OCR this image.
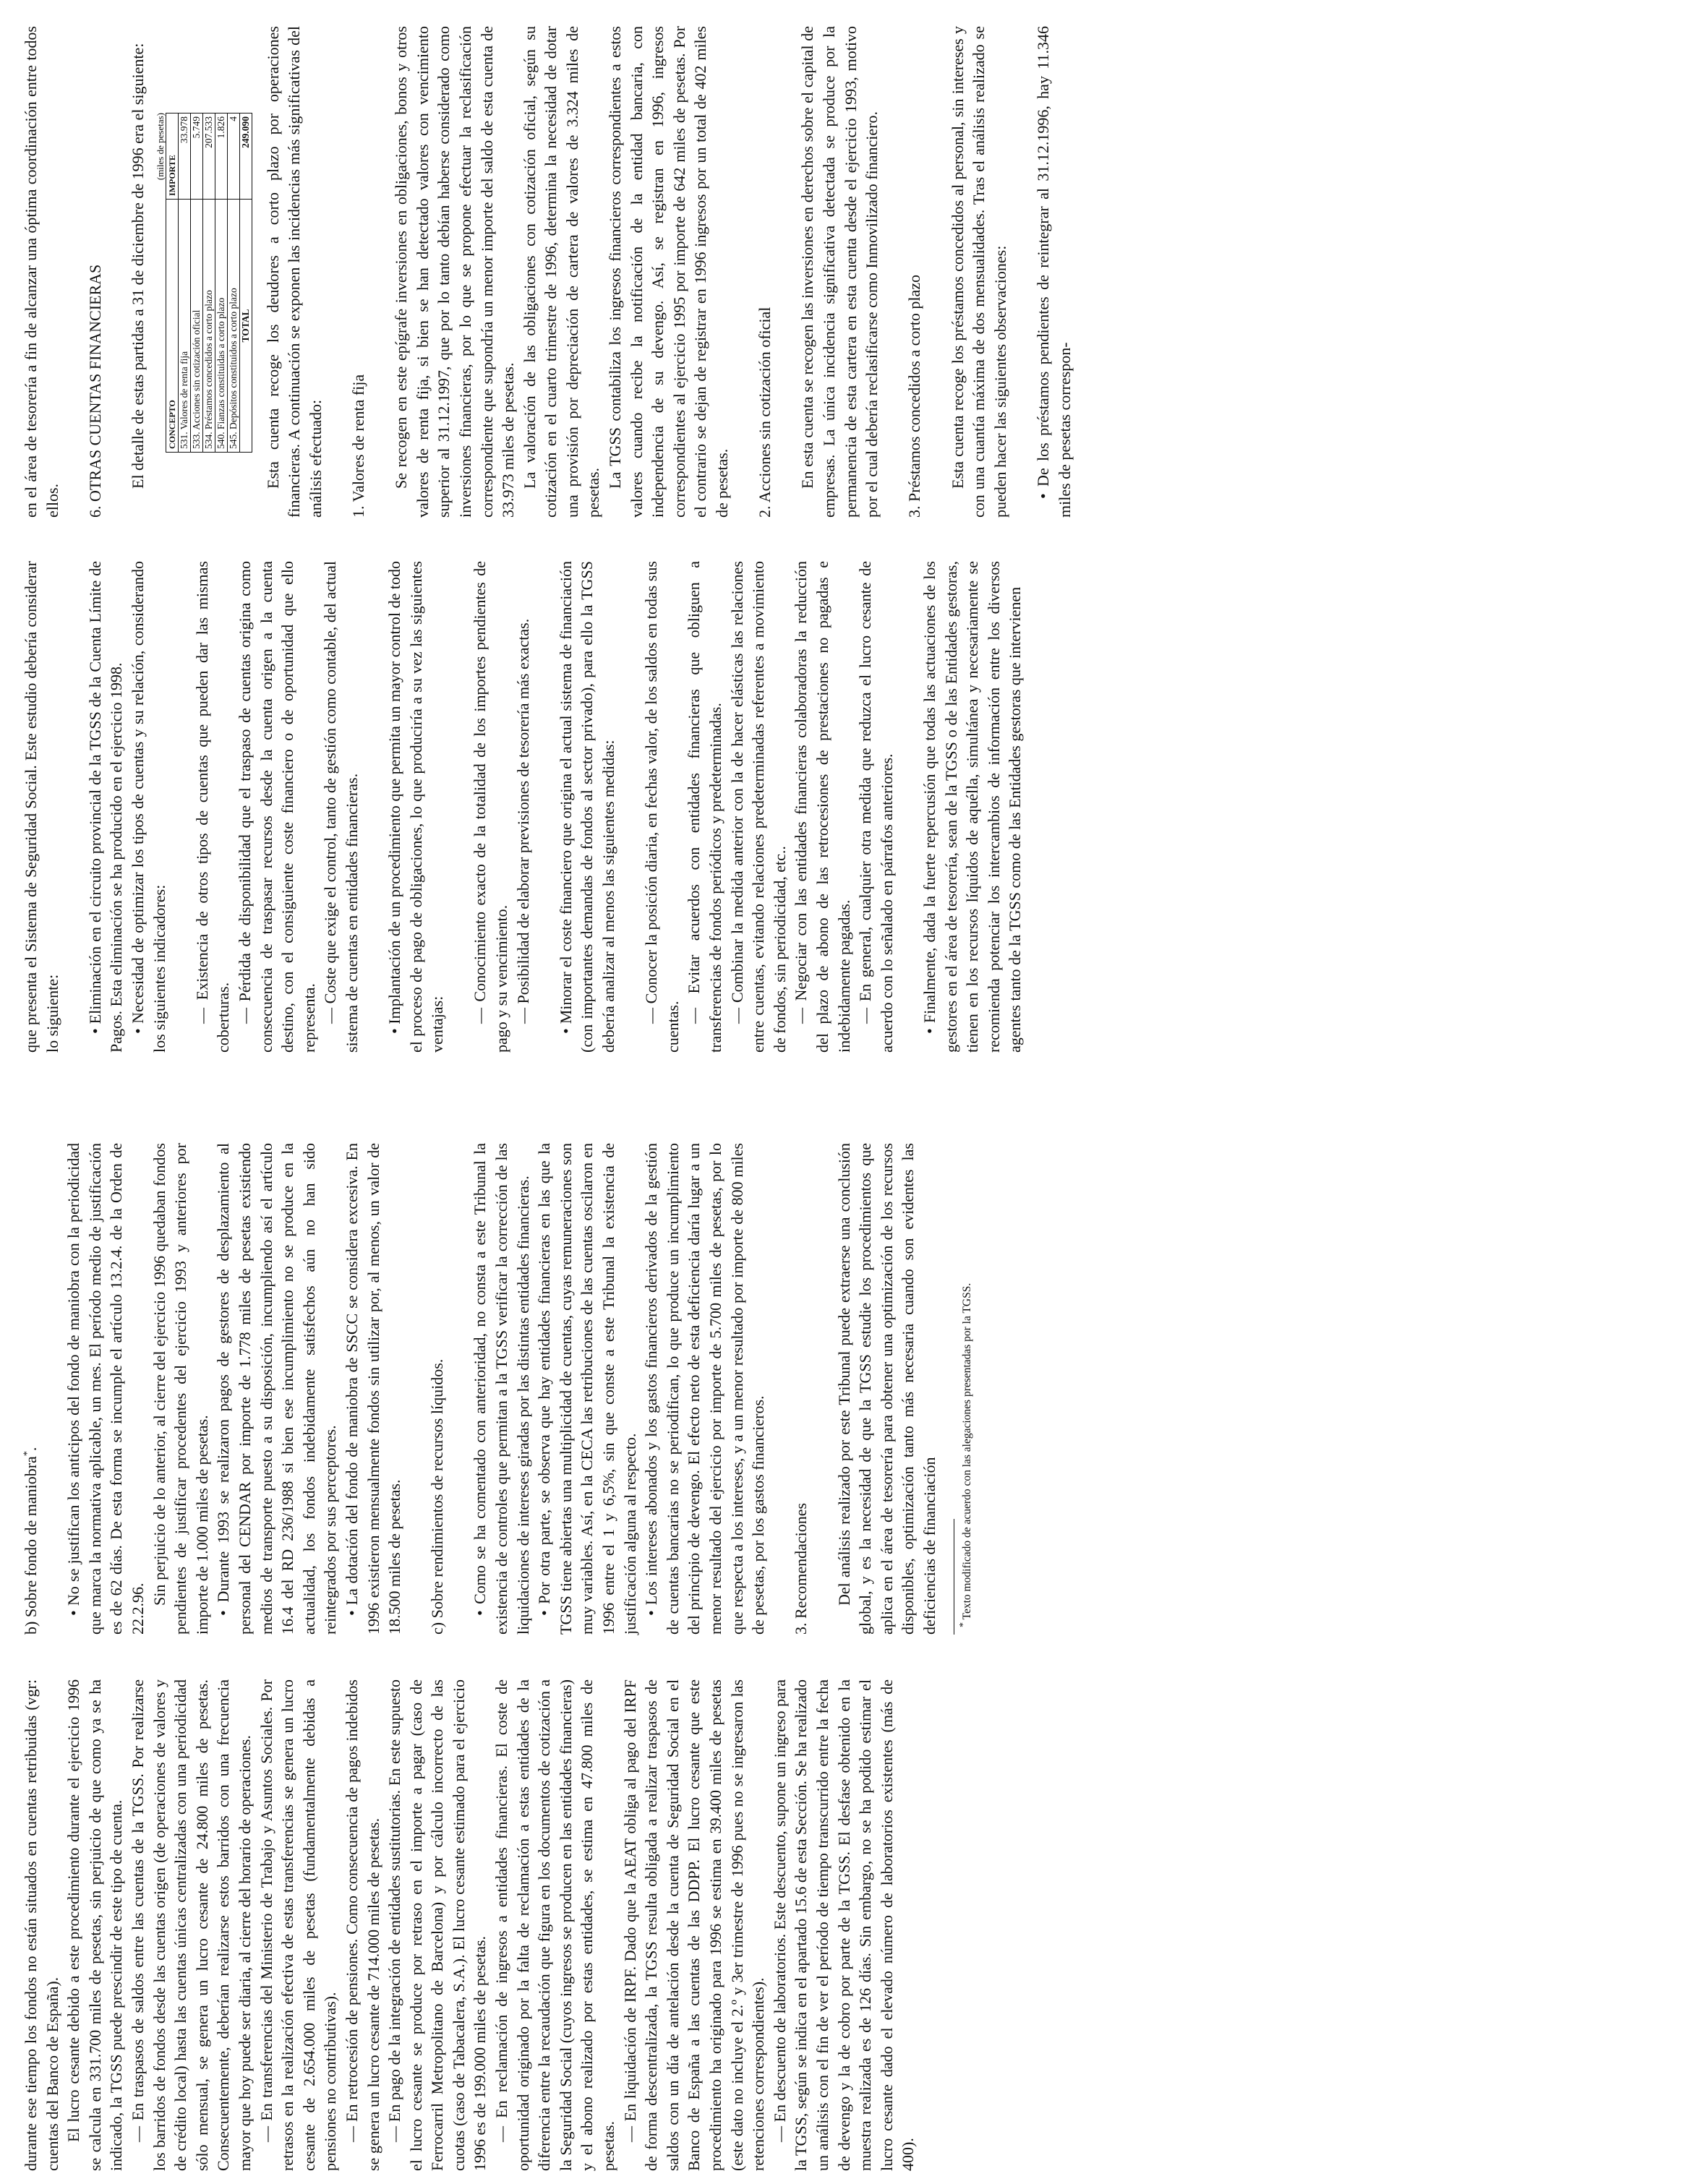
durante ese tiempo los fondos no están situados en cuentas retribuidas (vgr: cuentas del Banco de España). El lucro cesante debido a este procedimiento durante el ejercicio 1996 se calcula en 331.700 miles de pesetas, sin perjuicio de que como ya se ha indicado, la TGSS puede prescindir de este tipo de cuenta. — En traspasos de saldos entre las cuentas de la TGSS. Por realizarse los barridos de fondos desde las cuentas origen (de operaciones de valores y de crédito local) hasta las cuentas únicas centralizadas con una periodicidad sólo mensual, se genera un lucro cesante de 24.800 miles de pesetas. Consecuentemente, deberían realizarse estos barridos con una frecuencia mayor que hoy puede ser diaria, al cierre del horario de operaciones. — En transferencias del Ministerio de Trabajo y Asuntos Sociales. Por retrasos en la realización efectiva de estas transferencias se genera un lucro cesante de 2.654.000 miles de pesetas (fundamentalmente debidas a pensiones no contributivas). — En retrocesión de pensiones. Como consecuencia de pagos indebidos se genera un lucro cesante de 714.000 miles de pesetas. — En pago de la integración de entidades sustitutorias. En este supuesto el lucro cesante se produce por retraso en el importe a pagar (caso de Ferrocarril Metropolitano de Barcelona) y por cálculo incorrecto de las cuotas (caso de Tabacalera, S.A.). El lucro cesante estimado para el ejercicio 1996 es de 199.000 miles de pesetas. — En reclamación de ingresos a entidades financieras. El coste de oportunidad originado por la falta de reclamación a estas entidades de la diferencia entre la recaudación que figura en los documentos de cotización a la Seguridad Social (cuyos ingresos se producen en las entidades financieras) y el abono realizado por estas entidades, se estima en 47.800 miles de pesetas.

— En liquidación de IRPF. Dado que la AEAT obliga al pago del IRPF de forma descentralizada, la TGSS resulta obligada a realizar traspasos de saldos con un día de antelación desde la cuenta de Seguridad Social en el Banco de España a las cuentas de las DDPP. El lucro cesante que este procedimiento ha originado para 1996 se estima en 39.400 miles de pesetas (este dato no incluye el 2.º y 3er trimestre de 1996 pues no se ingresaron las retenciones correspondientes). — En descuento de laboratorios. Este descuento, supone un ingreso para la TGSS, según se indica en el apartado 15.6 de esta Sección. Se ha realizado un análisis con el fin de ver el período de tiempo transcurrido entre la fecha de devengo y la de cobro por parte de la TGSS. El desfase obtenido en la muestra realizada es de 126 días. Sin embargo, no se ha podido estimar el lucro cesante dado el elevado número de laboratorios existentes (más de 400).

b) Sobre fondo de maniobra*. • No se justifican los anticipos del fondo de maniobra con la periodicidad que marca la normativa aplicable, un mes. El período medio de justificación es de 62 días. De esta forma se incumple el artículo 13.2.4. de la Orden de 22.2.96.

Sin perjuicio de lo anterior, al cierre del ejercicio 1996 quedaban fondos pendientes de justificar procedentes del ejercicio 1993 y anteriores por importe de 1.000 miles de pesetas. • Durante 1993 se realizaron pagos de gestores de desplazamiento al personal del CENDAR por importe de 1.778 miles de pesetas existiendo medios de transporte puesto a su disposición, incumpliendo así el artículo 16.4 del RD 236/1988 si bien ese incumplimiento no se produce en la actualidad, los fondos indebidamente satisfechos aún no han sido reintegrados por sus perceptores. • La dotación del fondo de maniobra de SSCC se considera excesiva. En 1996 existieron mensualmente fondos sin utilizar por, al menos, un valor de 18.500 miles de pesetas. c) Sobre rendimientos de recursos líquidos. • Como se ha comentado con anterioridad, no consta a este Tribunal la existencia de controles que permitan a la TGSS verificar la corrección de las liquidaciones de intereses giradas por las distintas entidades financieras. • Por otra parte, se observa que hay entidades financieras en las que la TGSS tiene abiertas una multiplicidad de cuentas, cuyas remuneraciones son muy variables. Así, en la CECA las retribuciones de las cuentas oscilaron en 1996 entre el 1 y 6,5%, sin que conste a este Tribunal la existencia de justificación alguna al respecto. • Los intereses abonados y los gastos financieros derivados de la gestión de cuentas bancarias no se periodifican, lo que produce un incumplimiento del principio de devengo. El efecto neto de esta deficiencia daría lugar a un menor resultado del ejercicio por importe de 5.700 miles de pesetas, por lo que respecta a los intereses, y a un menor resultado por importe de 800 miles de pesetas, por los gastos financieros. 3. Recomendaciones Del análisis realizado por este Tribunal puede extraerse una conclusión global, y es la necesidad de que la TGSS estudie los procedimientos que aplica en el área de tesorería para obtener una optimización de los recursos disponibles, optimización tanto más necesaria cuando son evidentes las deficiencias de financiación * Texto modificado de acuerdo con las alegaciones presentadas por la TGSS.

que presenta el Sistema de Seguridad Social. Este estudio debería considerar lo siguiente: • Eliminación en el circuito provincial de la TGSS de la Cuenta Límite de Pagos. Esta eliminación se ha producido en el ejercicio 1998. • Necesidad de optimizar los tipos de cuentas y su relación, considerando los siguientes indicadores: — Existencia de otros tipos de cuentas que pueden dar las mismas coberturas. — Pérdida de disponibilidad que el traspaso de cuentas origina como consecuencia de traspasar recursos desde la cuenta origen a la cuenta destino, con el consiguiente coste financiero o de oportunidad que ello representa. — Coste que exige el control, tanto de gestión como contable, del actual sistema de cuentas en entidades financieras. • Implantación de un procedimiento que permita un mayor control de todo el proceso de pago de obligaciones, lo que produciría a su vez las siguientes ventajas:

— Conocimiento exacto de la totalidad de los importes pendientes de pago y su vencimiento. — Posibilidad de elaborar previsiones de tesorería más exactas. • Minorar el coste financiero que origina el actual sistema de financiación (con importantes demandas de fondos al sector privado), para ello la TGSS debería analizar al menos las siguientes medidas: — Conocer la posición diaria, en fechas valor, de los saldos en todas sus cuentas.

— Evitar acuerdos con entidades financieras que obliguen a transferencias de fondos periódicos y predeterminadas. — Combinar la medida anterior con la de hacer elásticas las relaciones entre cuentas, evitando relaciones predeterminadas referentes a movimiento de fondos, sin periodicidad, etc.. — Negociar con las entidades financieras colaboradoras la reducción del plazo de abono de las retrocesiones de prestaciones no pagadas e indebidamente pagadas. — En general, cualquier otra medida que reduzca el lucro cesante de acuerdo con lo señalado en párrafos anteriores. • Finalmente, dada la fuerte repercusión que todas las actuaciones de los gestores en el área de tesorería, sean de la TGSS o de las Entidades gestoras, tienen en los recursos líquidos de aquélla, simultánea y necesariamente se recomienda potenciar los intercambios de información entre los diversos agentes tanto de la TGSS como de las Entidades gestoras que intervienen

en el área de tesorería a fin de alcanzar una óptima coordinación entre todos ellos. 6. OTRAS CUENTAS FINANCIERAS El detalle de estas partidas a 31 de diciembre de 1996 era el siguiente: (miles de pesetas)
CONCEPTO	IMPORTE
531. Valores de renta fija	33.978
533. Acciones sin cotización oficial	5.749
534. Préstamos concedidos a corto plazo	207.533
540. Fianzas constituidas a corto plazo	1.826
545. Depósitos constituidos a corto plazo	4
TOTAL	249.090 Esta cuenta recoge los deudores a corto plazo por operaciones financieras. A continuación se exponen las incidencias más significativas del análisis efectuado: 1. Valores de renta fija Se recogen en este epígrafe inversiones en obligaciones, bonos y otros valores de renta fija, si bien se han detectado valores con vencimiento superior al 31.12.1997, que por lo tanto debían haberse considerado como inversiones financieras, por lo que se propone efectuar la reclasificación correspondiente que supondría un menor importe del saldo de esta cuenta de 33.973 miles de pesetas. La valoración de las obligaciones con cotización oficial, según su cotización en el cuarto trimestre de 1996, determina la necesidad de dotar una provisión por depreciación de cartera de valores de 3.324 miles de pesetas.

La TGSS contabiliza los ingresos financieros correspondientes a estos valores cuando recibe la notificación de la entidad bancaria, con independencia de su devengo. Así, se registran en 1996, ingresos correspondientes al ejercicio 1995 por importe de 642 miles de pesetas. Por el contrario se dejan de registrar en 1996 ingresos por un total de 402 miles de pesetas. 2. Acciones sin cotización oficial En esta cuenta se recogen las inversiones en derechos sobre el capital de empresas. La única incidencia significativa detectada se produce por la permanencia de esta cartera en esta cuenta desde el ejercicio 1993, motivo por el cual debería reclasificarse como Inmovilizado financiero. 3. Préstamos concedidos a corto plazo Esta cuenta recoge los préstamos concedidos al personal, sin intereses y con una cuantía máxima de dos mensualidades. Tras el análisis realizado se pueden hacer las siguientes observaciones: • De los préstamos pendientes de reintegrar al 31.12.1996, hay 11.346 miles de pesetas correspon-
